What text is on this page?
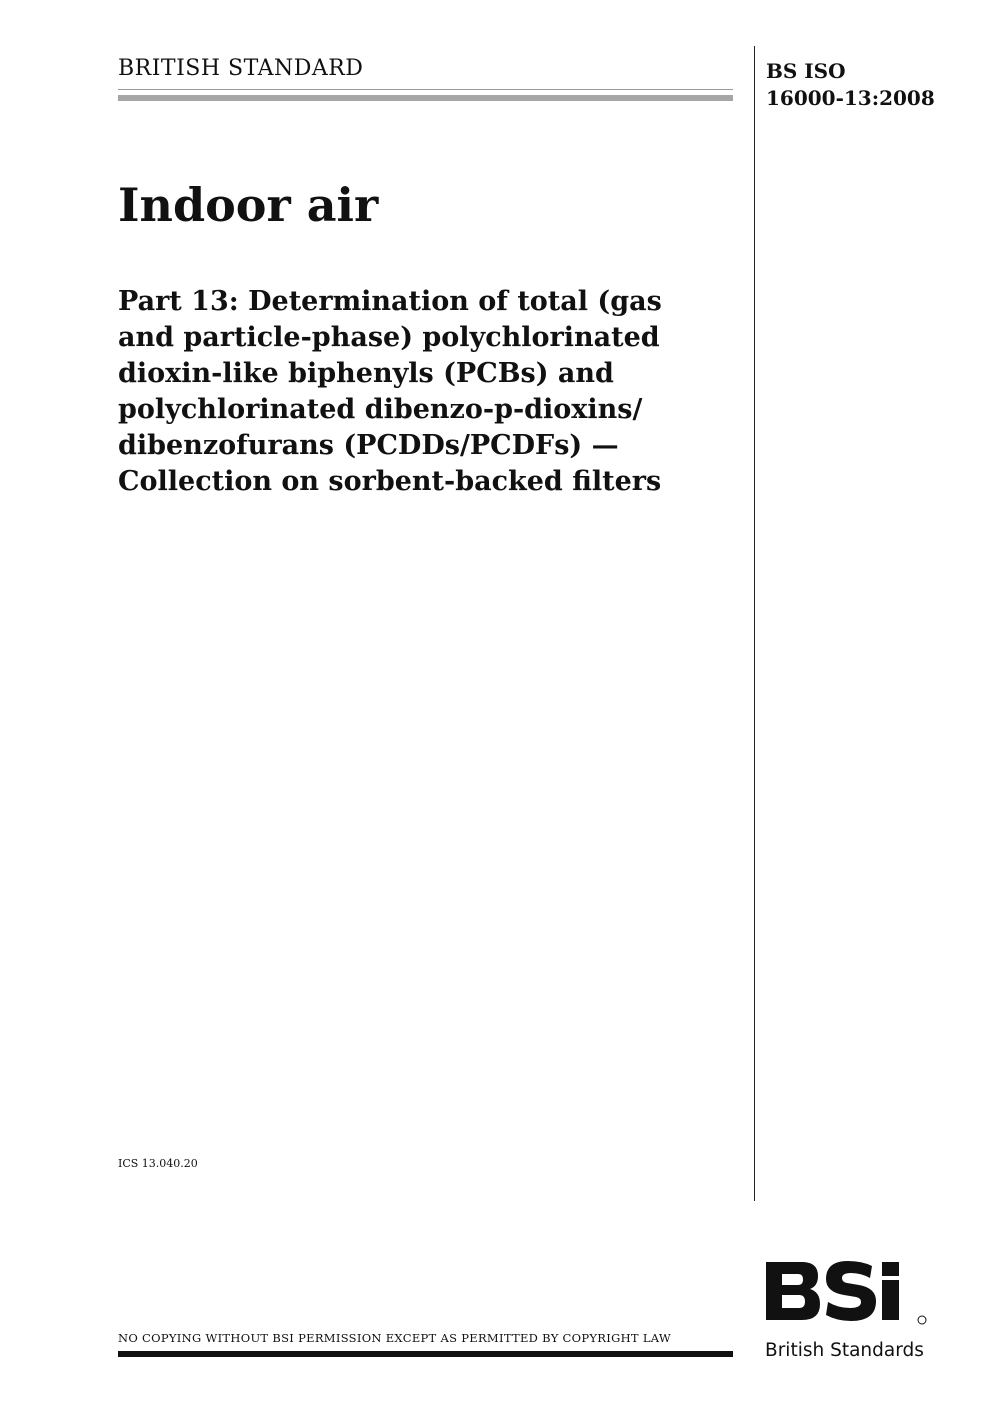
BRITISH STANDARD	BS ISO
16000-13:2008
Indoor air
Part 13: Determination of total (gas
and particle-phase) polychlorinated
dioxin-like biphenyls (PCBs) and
polychlorinated dibenzo-p-dioxins/
dibenzofurans (PCDDs/PCDFs) —
Collection on sorbent-backed filters
ICS 13.040.20
NO COPYING WITHOUT BSI PERMISSION EXCEPT AS PERMITTED BY COPYRIGHT LAW
British Standards
